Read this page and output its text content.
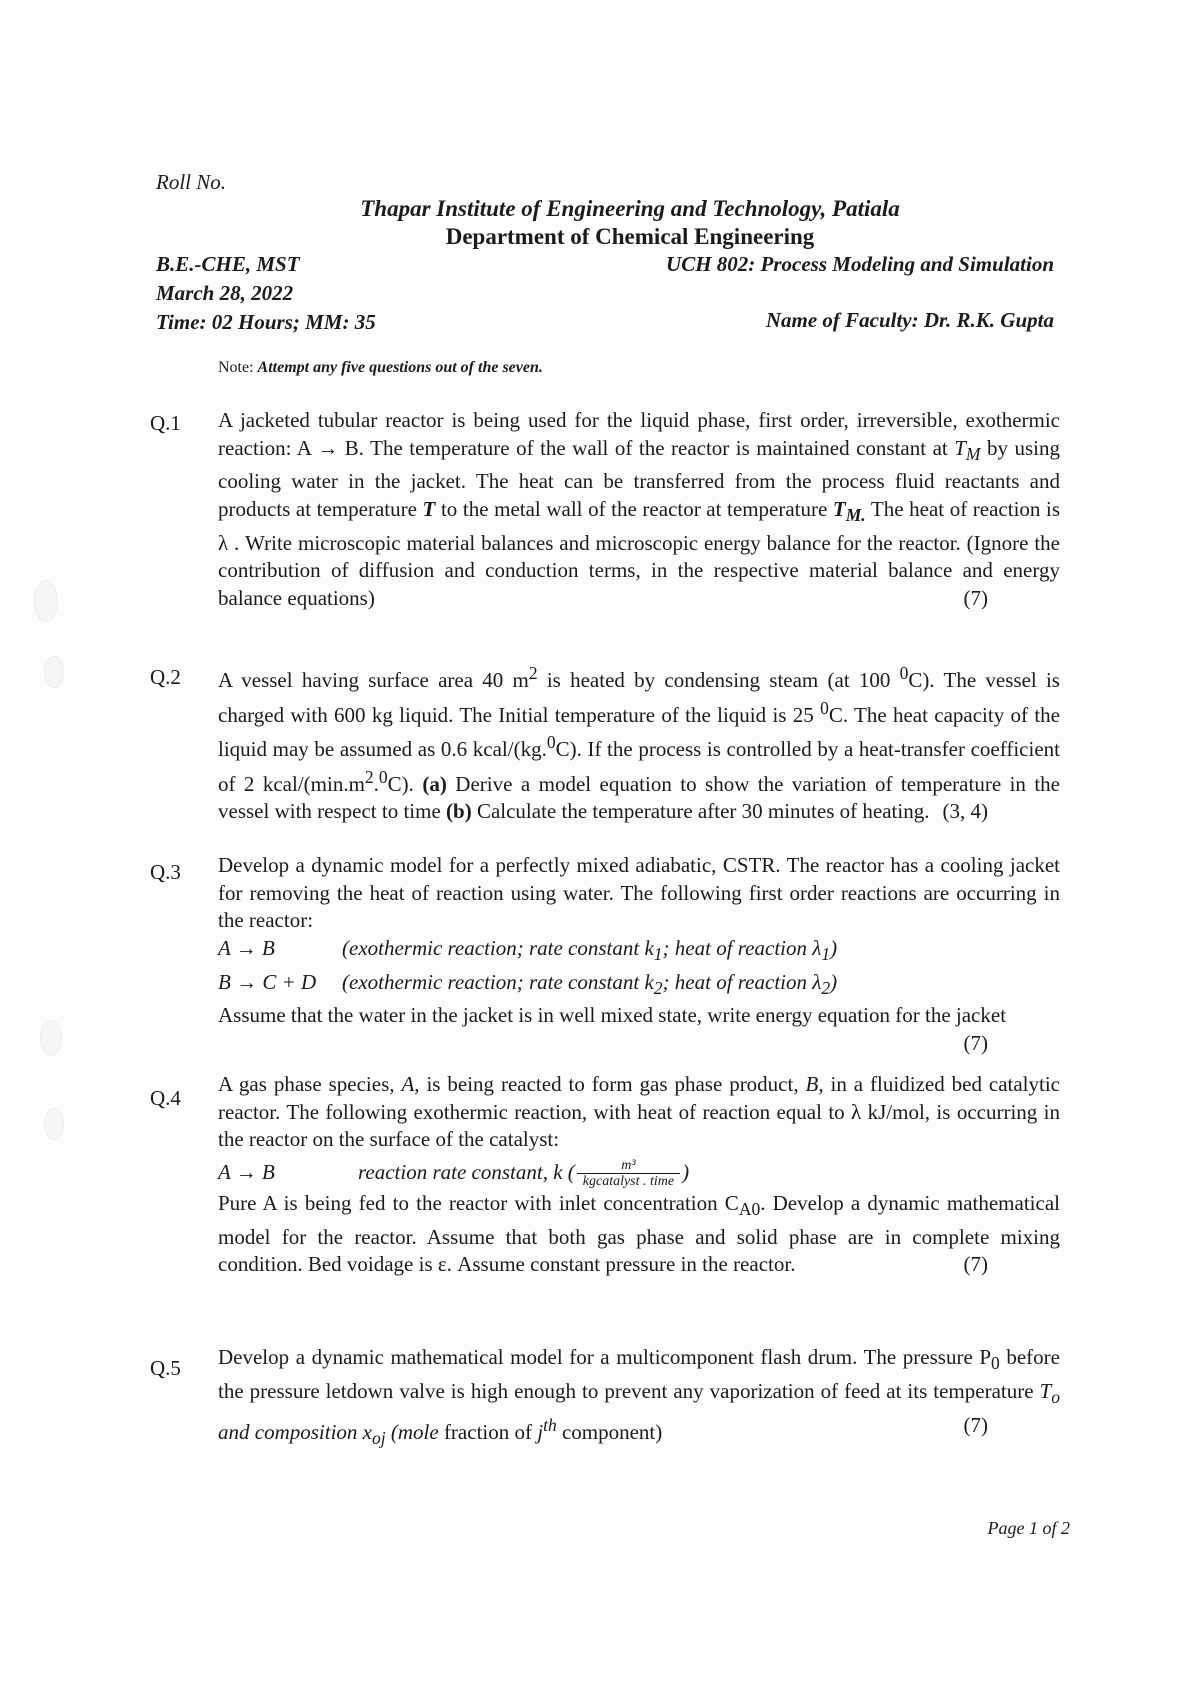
Roll No.
Thapar Institute of Engineering and Technology, Patiala
Department of Chemical Engineering
B.E.-CHE, MST	UCH 802: Process Modeling and Simulation
March 28, 2022
Time: 02 Hours; MM: 35	Name of Faculty: Dr. R.K. Gupta
Note: Attempt any five questions out of the seven.
Q.1 A jacketed tubular reactor is being used for the liquid phase, first order, irreversible, exothermic reaction: A → B. The temperature of the wall of the reactor is maintained constant at $T_M$ by using cooling water in the jacket. The heat can be transferred from the process fluid reactants and products at temperature T to the metal wall of the reactor at temperature $T_{M.}$ The heat of reaction is λ . Write microscopic material balances and microscopic energy balance for the reactor. (Ignore the contribution of diffusion and conduction terms, in the respective material balance and energy balance equations)	(7)

Q.2 A vessel having surface area 40 $m^2$ is heated by condensing steam (at 100 $^0$C). The vessel is charged with 600 kg liquid. The Initial temperature of the liquid is 25 $^0$C. The heat capacity of the liquid may be assumed as 0.6 kcal/(kg.$^0$C). If the process is controlled by a heat-transfer coefficient of 2 kcal/$(\min.m^2.^0C)$. (a) Derive a model equation to show the variation of temperature in the vessel with respect to time (b) Calculate the temperature after 30 minutes of heating. (3, 4)

Q.3 Develop a dynamic model for a perfectly mixed adiabatic, CSTR. The reactor has a cooling jacket for removing the heat of reaction using water. The following first order reactions are occurring in the reactor:

A → B	(exothermic reaction; rate constant $k_1$; heat of reaction $\lambda_1$)

B → C + D (exothermic reaction; rate constant $k_2$; heat of reaction $\lambda_2$)

Assume that the water in the jacket is in well mixed state, write energy equation for the jacket
(7)

Q.4

A gas phase species, A, is being reacted to form gas phase product, B, in a fluidized bed catalytic reactor. The following exothermic reaction, with heat of reaction equal to λ kJ/mol, is occurring in the reactor on the surface of the catalyst:

A → B	reaction rate constant, k ( $\frac{\text{m³}}{\text{kgcatalyst . time}}$ )

Pure A is being fed to the reactor with inlet concentration $C_{A0}$. Develop a dynamic mathematical model for the reactor. Assume that both gas phase and solid phase are in complete mixing condition. Bed voidage is ε. Assume constant pressure in the reactor.	(7)

Q.5 Develop a dynamic mathematical model for a multicomponent flash drum. The pressure $P_0$ before the pressure letdown valve is high enough to prevent any vaporization of feed at its temperature $T_o$ and composition $x_{oj}$ (mole fraction of $j^{th}$ component)	(7)

Page 1 of 2
